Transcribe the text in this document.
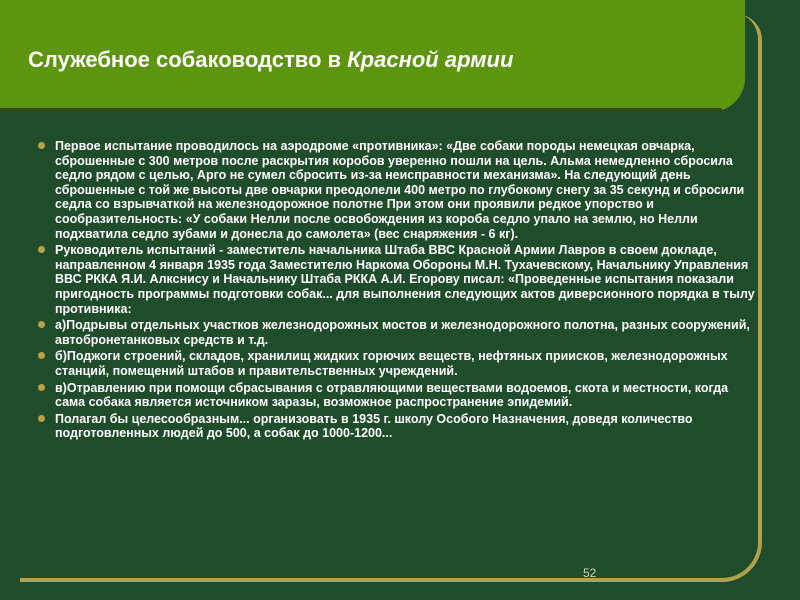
Служебное собаководство в Красной армии

Первое испытание проводилось на аэродроме «противника»: «Две собаки породы немецкая овчарка, сброшенные с 300 метров после раскрытия коробов уверенно пошли на цель. Альма немедленно сбросила седло рядом с целью, Арго не сумел сбросить из-за неисправности механизма». На следующий день сброшенные с той же высоты две овчарки преодолели 400 метро по глубокому снегу за 35 секунд и сбросили седла со взрывчаткой на железнодорожное полотне При этом они проявили редкое упорство и сообразительность: «У собаки Нелли после освобождения из короба седло упало на землю, но Нелли подхватила седло зубами и донесла до самолета» (вес снаряжения - 6 кг).

Руководитель испытаний - заместитель начальника Штаба ВВС Красной Армии Лавров в своем докладе, направленном 4 января 1935 года Заместителю Наркома Обороны М.Н. Тухачевскому, Начальнику Управления ВВС РККА Я.И. Алкснису и Начальнику Штаба РККА А.И. Егорову писал: «Проведенные испытания показали пригодность программы подготовки собак... для выполнения следующих актов диверсионного порядка в тылу противника:

а)Подрывы отдельных участков железнодорожных мостов и железнодорожного полотна, разных сооружений, автобронетанковых средств и т.д.

б)Поджоги строений, складов, хранилищ жидких горючих веществ, нефтяных приисков, железнодорожных станций, помещений штабов и правительственных учреждений.

в)Отравлению при помощи сбрасывания с отравляющими веществами водоемов, скота и местности, когда сама собака является источником заразы, возможное распространение эпидемий.

Полагал бы целесообразным... организовать в 1935 г. школу Особого Назначения, доведя количество подготовленных людей до 500, а собак до 1000-1200...

52
